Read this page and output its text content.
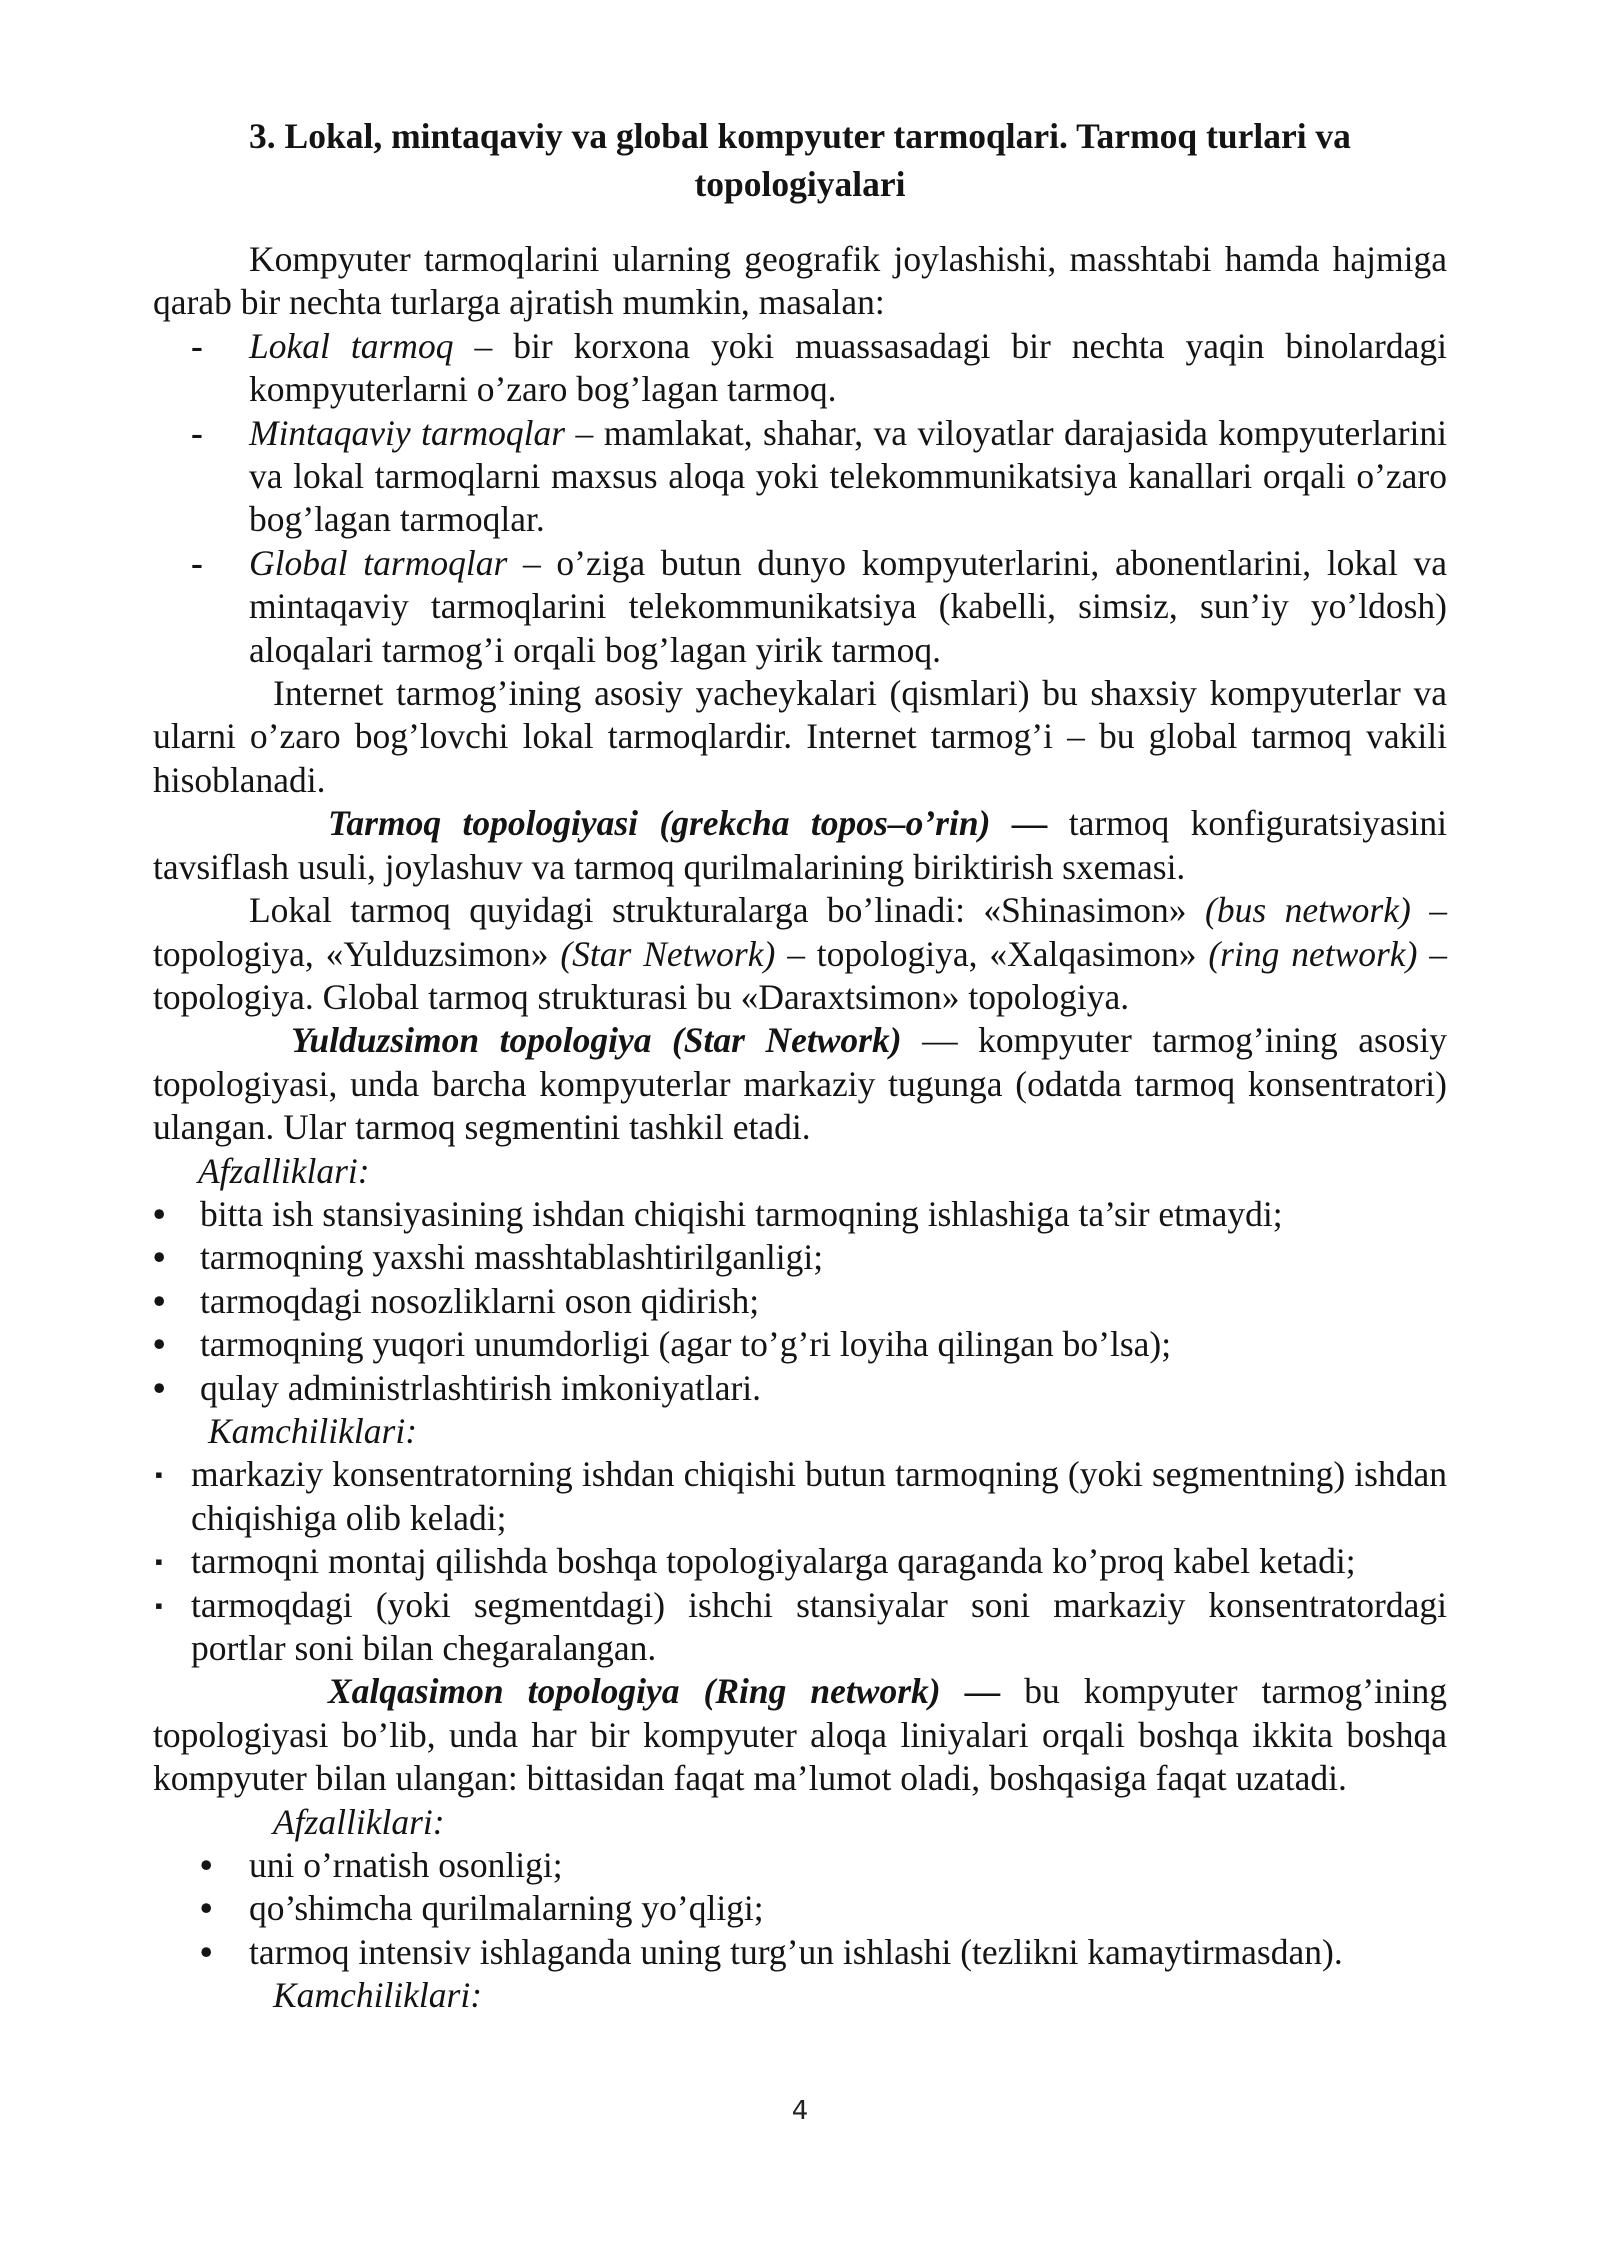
3. Lokal, mintaqaviy va global kompyuter tarmoqlari. Tarmoq turlari va topologiyalari

Kompyuter tarmoqlarini ularning geografik joylashishi, masshtabi hamda hajmiga qarab bir nechta turlarga ajratish mumkin, masalan:

- Lokal tarmoq – bir korxona yoki muassasadagi bir nechta yaqin binolardagi kompyuterlarni o’zaro bog’lagan tarmoq.
- Mintaqaviy tarmoqlar – mamlakat, shahar, va viloyatlar darajasida kompyuterlarini va lokal tarmoqlarni maxsus aloqa yoki telekommunikatsiya kanallari orqali o’zaro bog’lagan tarmoqlar.
- Global tarmoqlar – o’ziga butun dunyo kompyuterlarini, abonentlarini, lokal va mintaqaviy tarmoqlarini telekommunikatsiya (kabelli, simsiz, sun’iy yo’ldosh) aloqalari tarmog’i orqali bog’lagan yirik tarmoq.

Internet tarmog’ining asosiy yacheykalari (qismlari) bu shaxsiy kompyuterlar va ularni o’zaro bog’lovchi lokal tarmoqlardir. Internet tarmog’i – bu global tarmoq vakili hisoblanadi.

Tarmoq topologiyasi (grekcha topos–o’rin) — tarmoq konfiguratsiyasini tavsiflash usuli, joylashuv va tarmoq qurilmalarining biriktirish sxemasi.

Lokal tarmoq quyidagi strukturalarga bo’linadi: «Shinasimon» (bus network) – topologiya, «Yulduzsimon» (Star Network) – topologiya, «Xalqasimon» (ring network) – topologiya. Global tarmoq strukturasi bu «Daraxtsimon» topologiya.

Yulduzsimon topologiya (Star Network) — kompyuter tarmog’ining asosiy topologiyasi, unda barcha kompyuterlar markaziy tugunga (odatda tarmoq konsentratori) ulangan. Ular tarmoq segmentini tashkil etadi.

Afzalliklari:
• bitta ish stansiyasining ishdan chiqishi tarmoqning ishlashiga ta’sir etmaydi;
• tarmoqning yaxshi masshtablashtirilganligi;
• tarmoqdagi nosozliklarni oson qidirish;
• tarmoqning yuqori unumdorligi (agar to’g’ri loyiha qilingan bo’lsa);
• qulay administrlashtirish imkoniyatlari.
Kamchiliklari:
▪ markaziy konsentratorning ishdan chiqishi butun tarmoqning (yoki segmentning) ishdan chiqishiga olib keladi;
▪ tarmoqni montaj qilishda boshqa topologiyalarga qaraganda ko’proq kabel ketadi;
▪ tarmoqdagi (yoki segmentdagi) ishchi stansiyalar soni markaziy konsentratordagi portlar soni bilan chegaralangan.

Xalqasimon topologiya (Ring network) — bu kompyuter tarmog’ining topologiyasi bo’lib, unda har bir kompyuter aloqa liniyalari orqali boshqa ikkita boshqa kompyuter bilan ulangan: bittasidan faqat ma’lumot oladi, boshqasiga faqat uzatadi.

Afzalliklari:
• uni o’rnatish osonligi;
• qo’shimcha qurilmalarning yo’qligi;
• tarmoq intensiv ishlaganda uning turg’un ishlashi (tezlikni kamaytirmasdan).
Kamchiliklari:
4
